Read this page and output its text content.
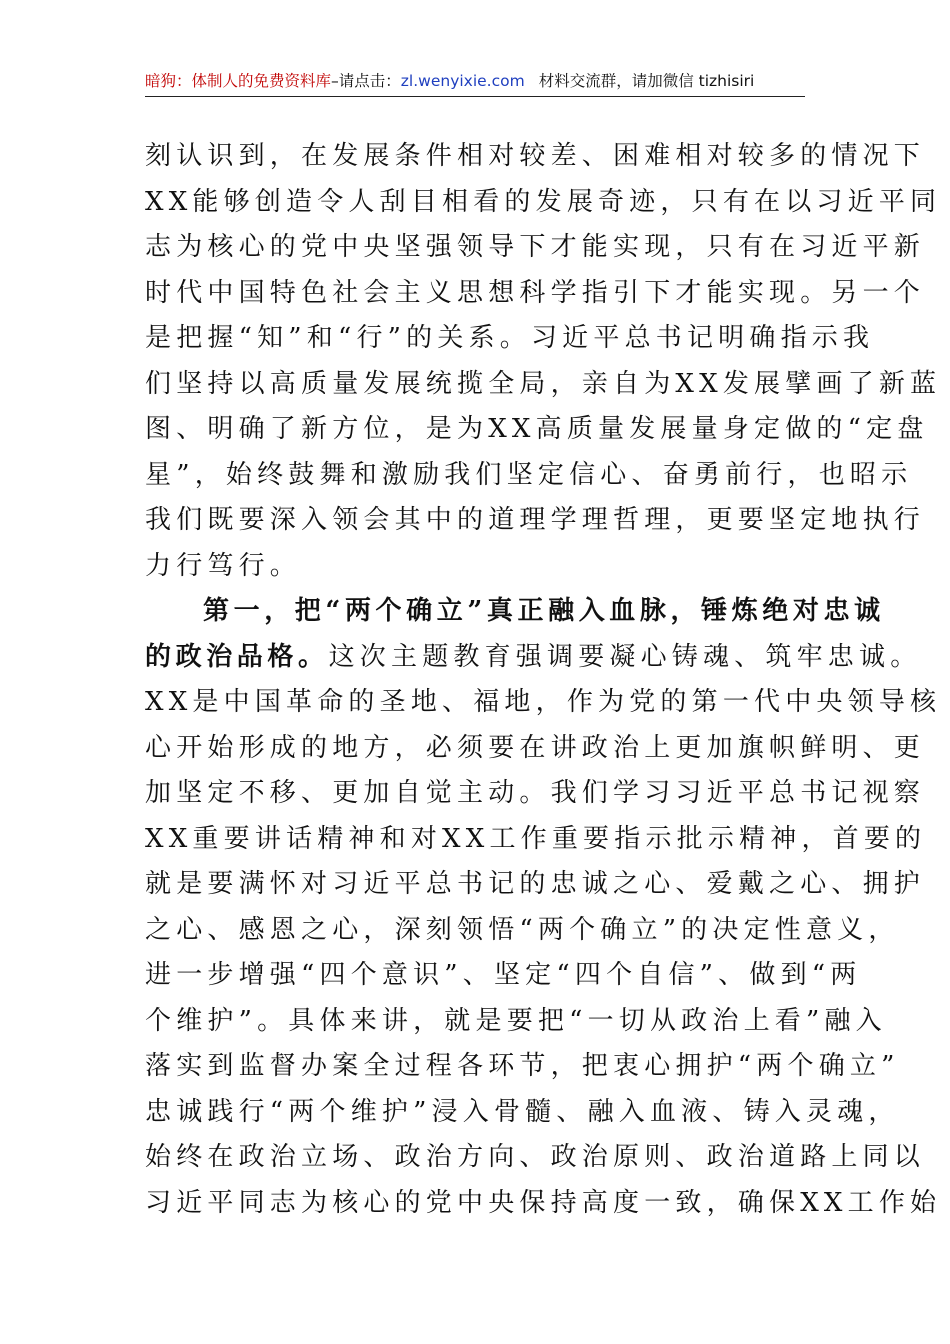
暗狗：体制人的免费资料库–请点击：zl.wenyixie.com 材料交流群，请加微信 tizhisiri
刻认识到，在发展条件相对较差、困难相对较多的情况下
XX能够创造令人刮目相看的发展奇迹，只有在以习近平同
志为核心的党中央坚强领导下才能实现，只有在习近平新
时代中国特色社会主义思想科学指引下才能实现。另一个
是把握“知”和“行”的关系。习近平总书记明确指示我
们坚持以高质量发展统揽全局，亲自为XX发展擘画了新蓝
图、明确了新方位，是为XX高质量发展量身定做的“定盘
星”，始终鼓舞和激励我们坚定信心、奋勇前行，也昭示
我们既要深入领会其中的道理学理哲理，更要坚定地执行
力行笃行。
第一，把“两个确立”真正融入血脉，锤炼绝对忠诚
的政治品格。这次主题教育强调要凝心铸魂、筑牢忠诚。
XX是中国革命的圣地、福地，作为党的第一代中央领导核
心开始形成的地方，必须要在讲政治上更加旗帜鲜明、更
加坚定不移、更加自觉主动。我们学习习近平总书记视察
XX重要讲话精神和对XX工作重要指示批示精神，首要的
就是要满怀对习近平总书记的忠诚之心、爱戴之心、拥护
之心、感恩之心，深刻领悟“两个确立”的决定性意义，
进一步增强“四个意识”、坚定“四个自信”、做到“两
个维护”。具体来讲，就是要把“一切从政治上看”融入
落实到监督办案全过程各环节，把衷心拥护“两个确立”
忠诚践行“两个维护”浸入骨髓、融入血液、铸入灵魂，
始终在政治立场、政治方向、政治原则、政治道路上同以
习近平同志为核心的党中央保持高度一致，确保XX工作始
